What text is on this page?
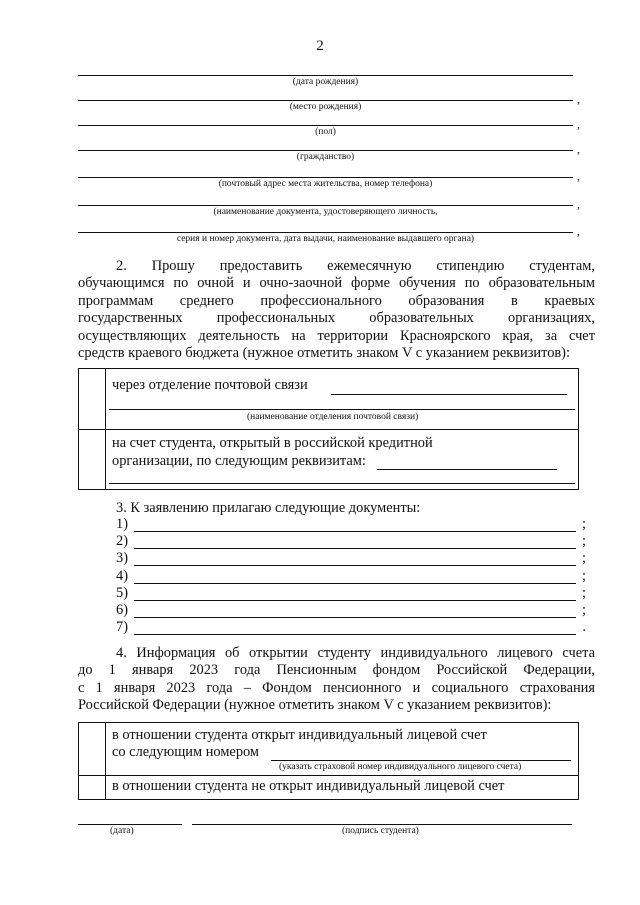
2
(дата рождения)
(место рождения)
,
(пол)
,
(гражданство)
,
(почтовый адрес места жительства, номер телефона)
,
(наименование документа, удостоверяющего личность,
,
серия и номер документа, дата выдачи, наименование выдавшего органа)
,
2. Прошу предоставить ежемесячную стипендию студентам,
обучающимся по очной и очно-заочной форме обучения по образовательным
программам среднего профессионального образования в краевых
государственных профессиональных образовательных организациях,
осуществляющих деятельность на территории Красноярского края, за счет
средств краевого бюджета (нужное отметить знаком V с указанием реквизитов):
через отделение почтовой связи
(наименование отделения почтовой связи)
на счет студента, открытый в российской кредитной
организации, по следующим реквизитам:
3. К заявлению прилагаю следующие документы:
1)	;
2)	;
3)	;
4)	;
5)	;
6)	;
7)	.
4. Информация об открытии студенту индивидуального лицевого счета
до 1 января 2023 года Пенсионным фондом Российской Федерации,
с 1 января 2023 года – Фондом пенсионного и социального страхования
Российской Федерации (нужное отметить знаком V с указанием реквизитов):
в отношении студента открыт индивидуальный лицевой счет
со следующим номером
(указать страховой номер индивидуального лицевого счета)
в отношении студента не открыт индивидуальный лицевой счет
(дата)	(подпись студента)
